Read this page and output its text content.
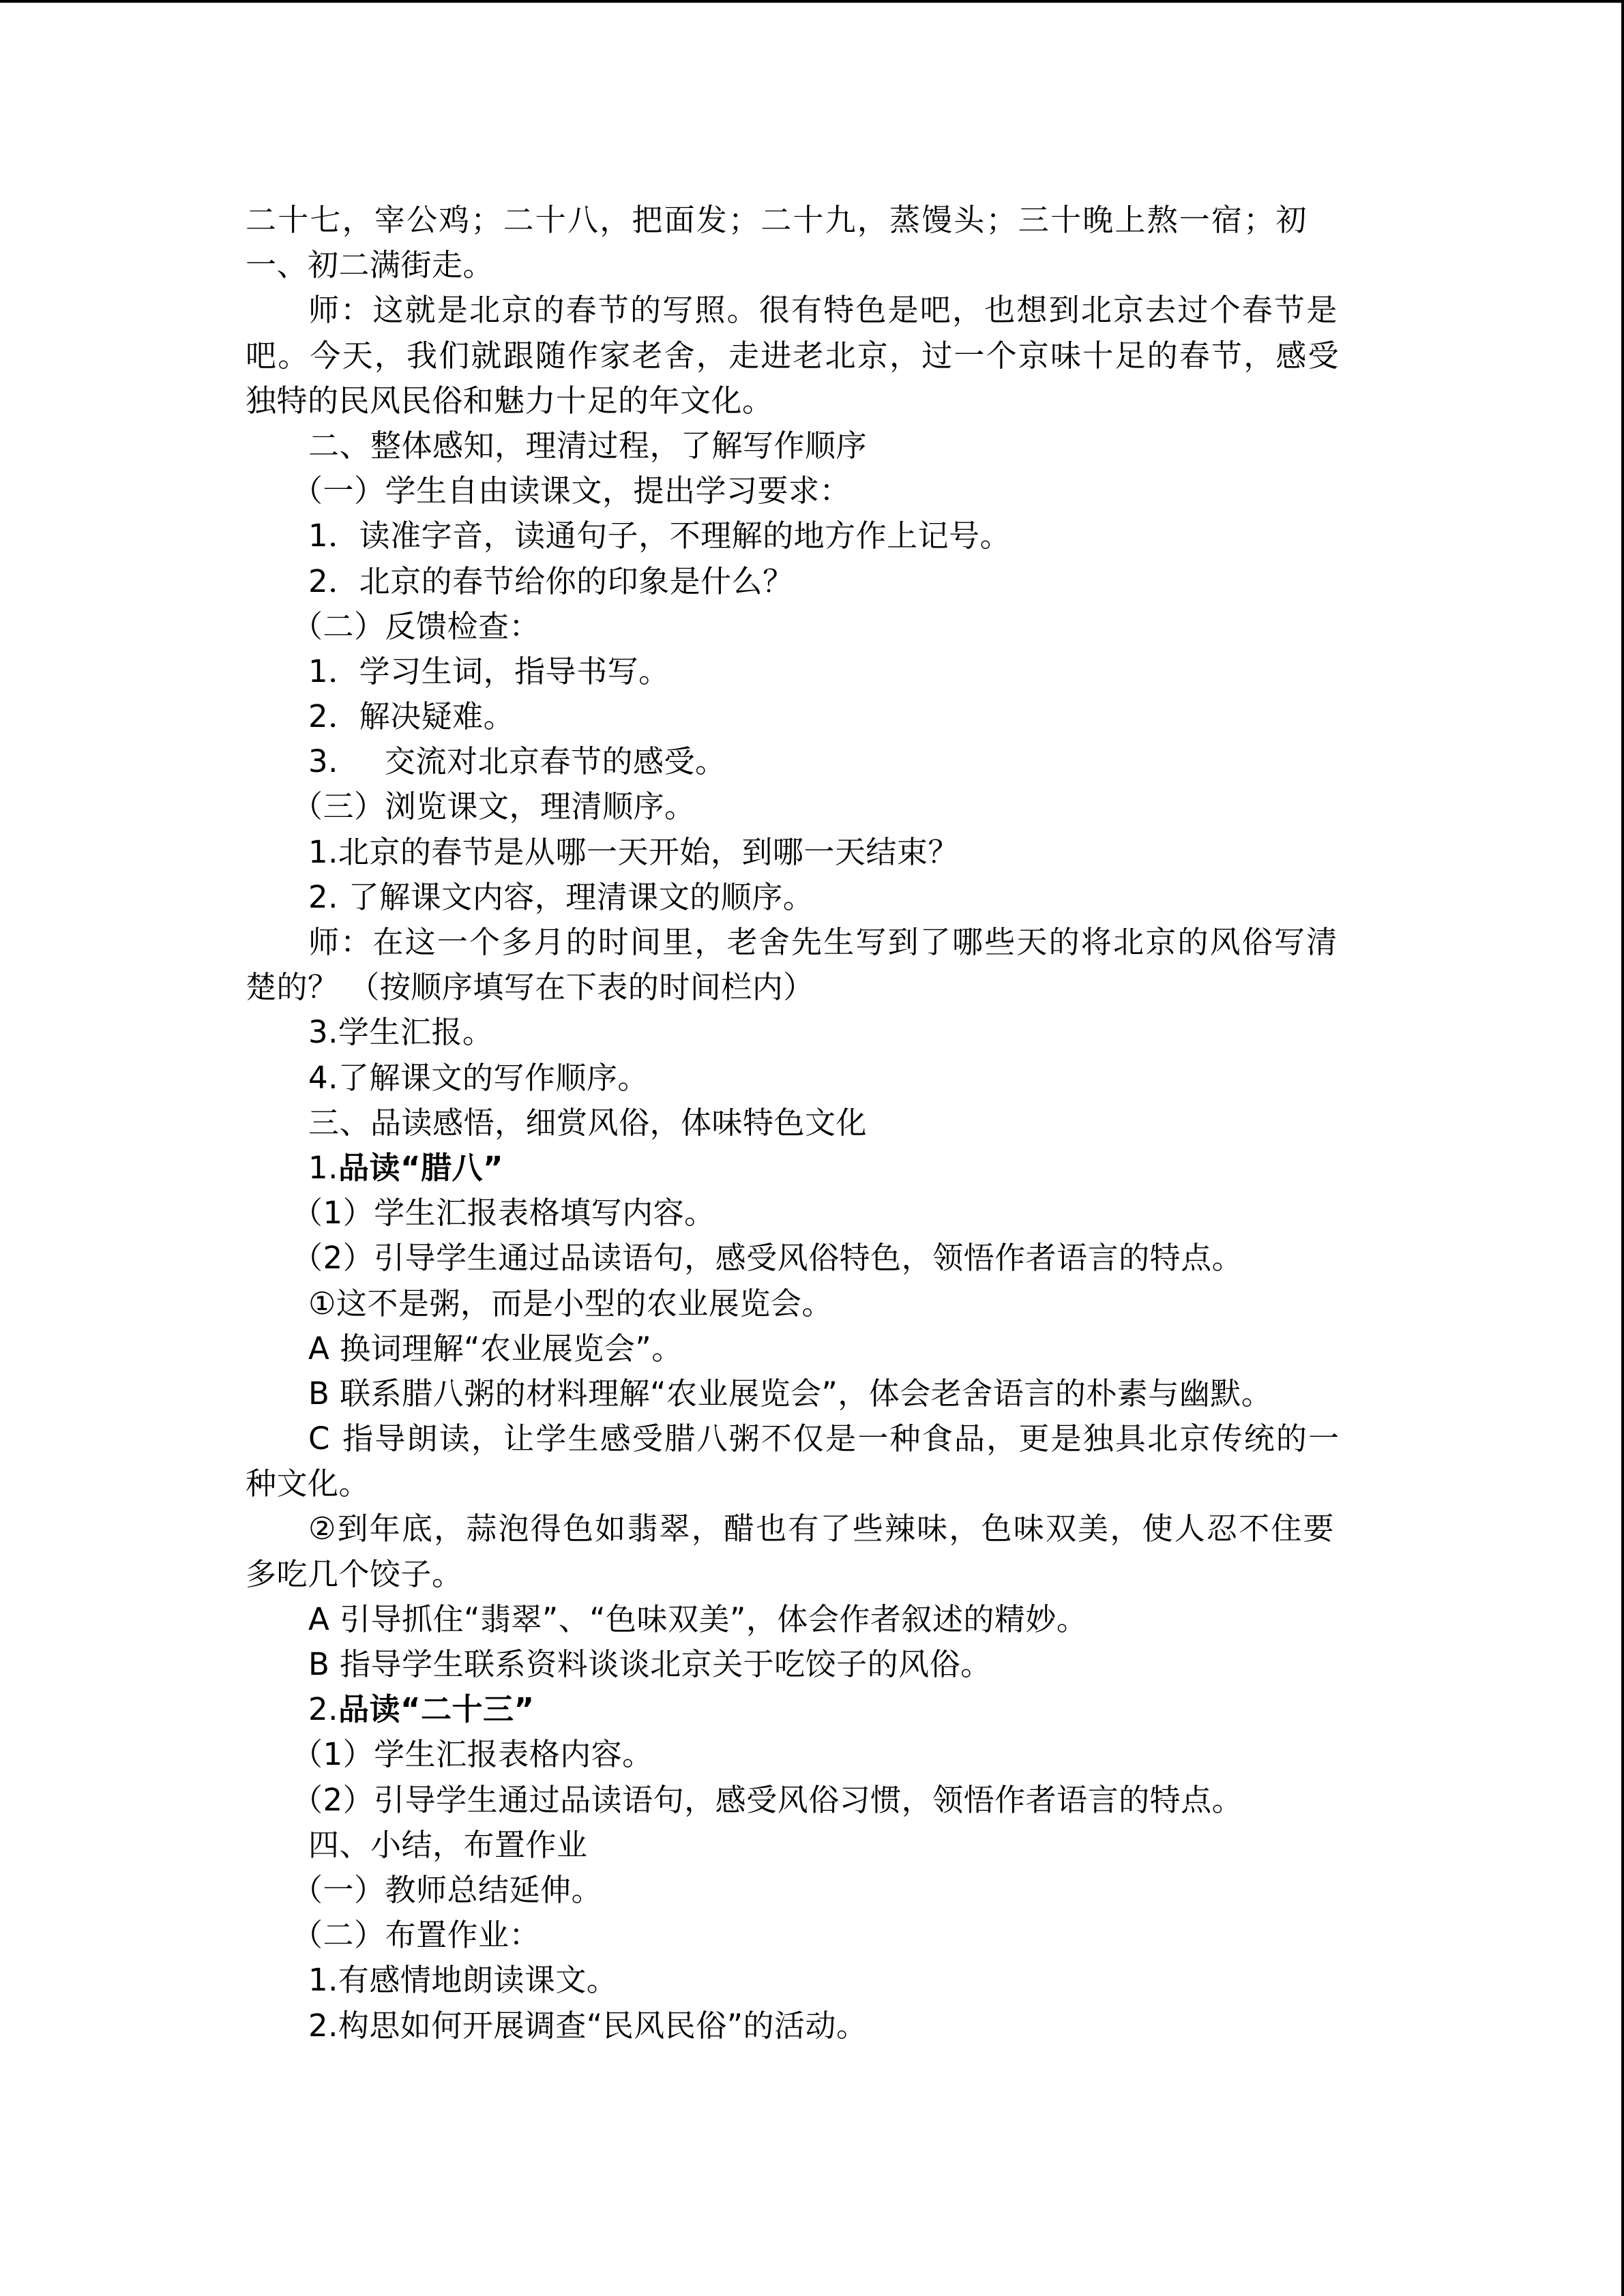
二十七，宰公鸡；二十八，把面发；二十九，蒸馒头；三十晚上熬一宿；初
一、初二满街走。
师：这就是北京的春节的写照。很有特色是吧，也想到北京去过个春节是
吧。今天，我们就跟随作家老舍，走进老北京，过一个京味十足的春节，感受
独特的民风民俗和魅力十足的年文化。
二、整体感知，理清过程，了解写作顺序
（一）学生自由读课文，提出学习要求：
1．读准字音，读通句子，不理解的地方作上记号。
2．北京的春节给你的印象是什么？
（二）反馈检查：
1．学习生词，指导书写。
2．解决疑难。
3. 交流对北京春节的感受。
（三）浏览课文，理清顺序。
1.北京的春节是从哪一天开始，到哪一天结束？
2. 了解课文内容，理清课文的顺序。
师：在这一个多月的时间里，老舍先生写到了哪些天的将北京的风俗写清
楚的？ （按顺序填写在下表的时间栏内）
3.学生汇报。
4.了解课文的写作顺序。
三、品读感悟，细赏风俗，体味特色文化
1.品读“腊八”
（1）学生汇报表格填写内容。
（2）引导学生通过品读语句，感受风俗特色，领悟作者语言的特点。
①这不是粥，而是小型的农业展览会。
A 换词理解“农业展览会”。
B 联系腊八粥的材料理解“农业展览会”，体会老舍语言的朴素与幽默。
C 指导朗读，让学生感受腊八粥不仅是一种食品，更是独具北京传统的一
种文化。
②到年底，蒜泡得色如翡翠，醋也有了些辣味，色味双美，使人忍不住要
多吃几个饺子。
A 引导抓住“翡翠”、“色味双美”，体会作者叙述的精妙。
B 指导学生联系资料谈谈北京关于吃饺子的风俗。
2.品读“二十三”
（1）学生汇报表格内容。
（2）引导学生通过品读语句，感受风俗习惯，领悟作者语言的特点。
四、小结，布置作业
（一）教师总结延伸。
（二）布置作业：
1.有感情地朗读课文。
2.构思如何开展调查“民风民俗”的活动。
